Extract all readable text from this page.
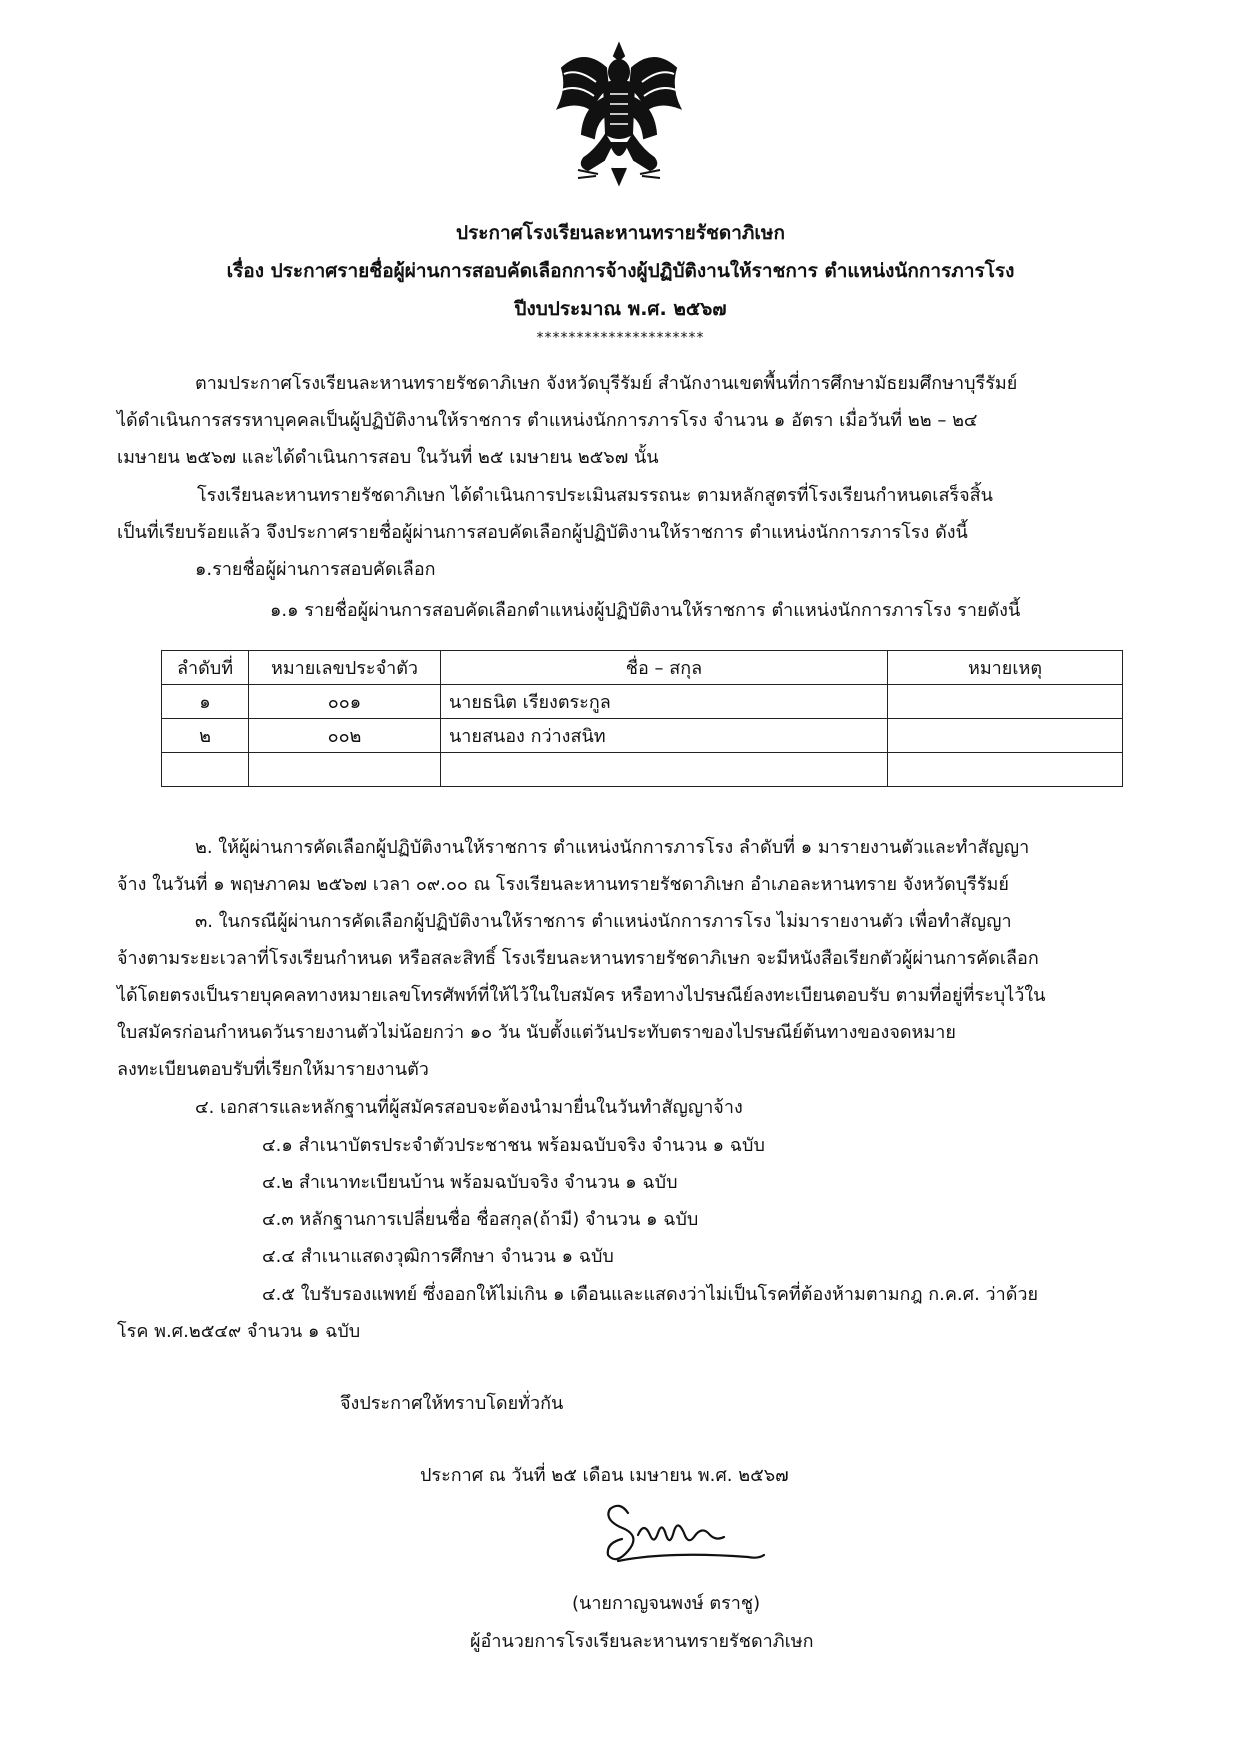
ประกาศโรงเรียนละหานทรายรัชดาภิเษก
เรื่อง ประกาศรายชื่อผู้ผ่านการสอบคัดเลือกการจ้างผู้ปฏิบัติงานให้ราชการ ตำแหน่งนักการภารโรง
ปีงบประมาณ พ.ศ. ๒๕๖๗
*********************
ตามประกาศโรงเรียนละหานทรายรัชดาภิเษก จังหวัดบุรีรัมย์ สำนักงานเขตพื้นที่การศึกษามัธยมศึกษาบุรีรัมย์
ได้ดำเนินการสรรหาบุคคลเป็นผู้ปฏิบัติงานให้ราชการ ตำแหน่งนักการภารโรง จำนวน ๑ อัตรา เมื่อวันที่ ๒๒ – ๒๔
เมษายน ๒๕๖๗ และได้ดำเนินการสอบ ในวันที่ ๒๕ เมษายน ๒๕๖๗ นั้น
โรงเรียนละหานทรายรัชดาภิเษก ได้ดำเนินการประเมินสมรรถนะ ตามหลักสูตรที่โรงเรียนกำหนดเสร็จสิ้น
เป็นที่เรียบร้อยแล้ว จึงประกาศรายชื่อผู้ผ่านการสอบคัดเลือกผู้ปฏิบัติงานให้ราชการ ตำแหน่งนักการภารโรง ดังนี้
๑.รายชื่อผู้ผ่านการสอบคัดเลือก
๑.๑ รายชื่อผู้ผ่านการสอบคัดเลือกตำแหน่งผู้ปฏิบัติงานให้ราชการ ตำแหน่งนักการภารโรง รายดังนี้
ลำดับที่	หมายเลขประจำตัว	ชื่อ – สกุล	หมายเหตุ
๑	๐๐๑	นายธนิต เรียงตระกูล	
๒	๐๐๒	นายสนอง กว่างสนิท	

๒. ให้ผู้ผ่านการคัดเลือกผู้ปฏิบัติงานให้ราชการ ตำแหน่งนักการภารโรง ลำดับที่ ๑ มารายงานตัวและทำสัญญา
จ้าง ในวันที่ ๑ พฤษภาคม ๒๕๖๗ เวลา ๐๙.๐๐ ณ โรงเรียนละหานทรายรัชดาภิเษก อำเภอละหานทราย จังหวัดบุรีรัมย์
๓. ในกรณีผู้ผ่านการคัดเลือกผู้ปฏิบัติงานให้ราชการ ตำแหน่งนักการภารโรง ไม่มารายงานตัว เพื่อทำสัญญา
จ้างตามระยะเวลาที่โรงเรียนกำหนด หรือสละสิทธิ์ โรงเรียนละหานทรายรัชดาภิเษก จะมีหนังสือเรียกตัวผู้ผ่านการคัดเลือก
ได้โดยตรงเป็นรายบุคคลทางหมายเลขโทรศัพท์ที่ให้ไว้ในใบสมัคร หรือทางไปรษณีย์ลงทะเบียนตอบรับ ตามที่อยู่ที่ระบุไว้ใน
ใบสมัครก่อนกำหนดวันรายงานตัวไม่น้อยกว่า ๑๐ วัน นับตั้งแต่วันประทับตราของไปรษณีย์ต้นทางของจดหมาย
ลงทะเบียนตอบรับที่เรียกให้มารายงานตัว
๔. เอกสารและหลักฐานที่ผู้สมัครสอบจะต้องนำมายื่นในวันทำสัญญาจ้าง
๔.๑ สำเนาบัตรประจำตัวประชาชน พร้อมฉบับจริง จำนวน ๑ ฉบับ
๔.๒ สำเนาทะเบียนบ้าน พร้อมฉบับจริง จำนวน ๑ ฉบับ
๔.๓ หลักฐานการเปลี่ยนชื่อ ชื่อสกุล(ถ้ามี) จำนวน ๑ ฉบับ
๔.๔ สำเนาแสดงวุฒิการศึกษา จำนวน ๑ ฉบับ
๔.๕ ใบรับรองแพทย์ ซึ่งออกให้ไม่เกิน ๑ เดือนและแสดงว่าไม่เป็นโรคที่ต้องห้ามตามกฎ ก.ค.ศ. ว่าด้วย
โรค พ.ศ.๒๕๔๙ จำนวน ๑ ฉบับ
จึงประกาศให้ทราบโดยทั่วกัน
ประกาศ ณ วันที่ ๒๕ เดือน เมษายน พ.ศ. ๒๕๖๗
(นายกาญจนพงษ์ ตราชู)
ผู้อำนวยการโรงเรียนละหานทรายรัชดาภิเษก
